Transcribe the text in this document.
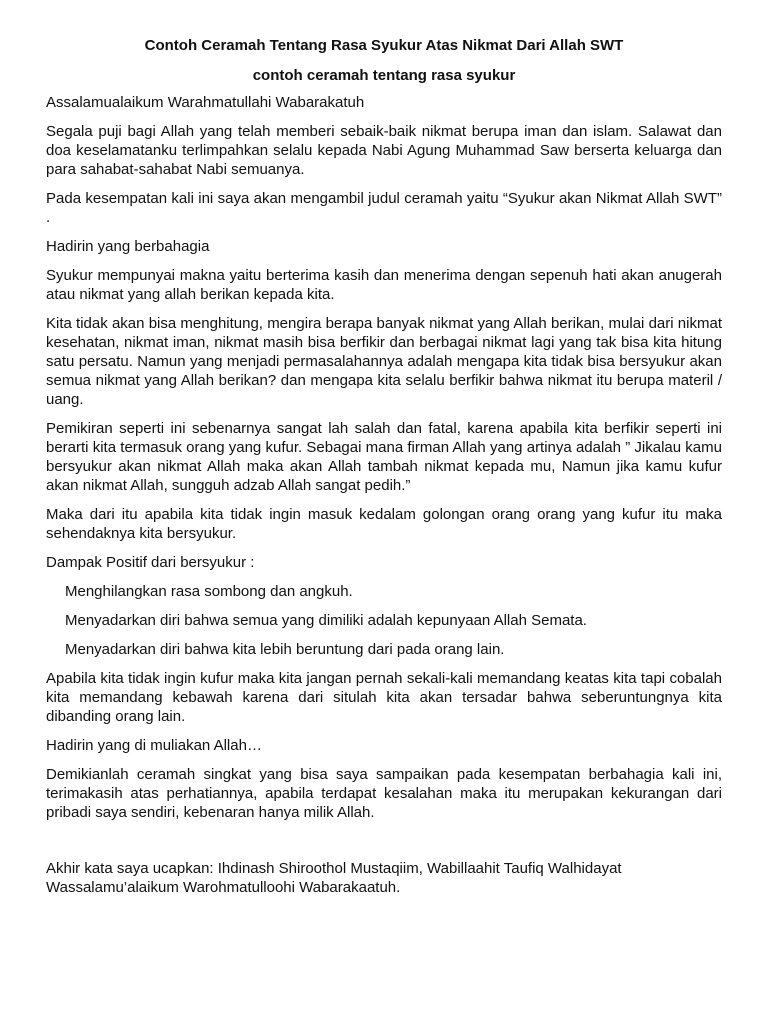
Contoh Ceramah Tentang Rasa Syukur Atas Nikmat Dari Allah SWT
contoh ceramah tentang rasa syukur

Assalamualaikum Warahmatullahi Wabarakatuh

Segala puji bagi Allah yang telah memberi sebaik-baik nikmat berupa iman dan islam. Salawat dan doa keselamatanku terlimpahkan selalu kepada Nabi Agung Muhammad Saw berserta keluarga dan para sahabat-sahabat Nabi semuanya.

Pada kesempatan kali ini saya akan mengambil judul ceramah yaitu “Syukur akan Nikmat Allah SWT” .

Hadirin yang berbahagia

Syukur mempunyai makna yaitu berterima kasih dan menerima dengan sepenuh hati akan anugerah atau nikmat yang allah berikan kepada kita.

Kita tidak akan bisa menghitung, mengira berapa banyak nikmat yang Allah berikan, mulai dari nikmat kesehatan, nikmat iman, nikmat masih bisa berfikir dan berbagai nikmat lagi yang tak bisa kita hitung satu persatu. Namun yang menjadi permasalahannya adalah mengapa kita tidak bisa bersyukur akan semua nikmat yang Allah berikan? dan mengapa kita selalu berfikir bahwa nikmat itu berupa materil / uang.

Pemikiran seperti ini sebenarnya sangat lah salah dan fatal, karena apabila kita berfikir seperti ini berarti kita termasuk orang yang kufur. Sebagai mana firman Allah yang artinya adalah ” Jikalau kamu bersyukur akan nikmat Allah maka akan Allah tambah nikmat kepada mu, Namun jika kamu kufur akan nikmat Allah, sungguh adzab Allah sangat pedih.”

Maka dari itu apabila kita tidak ingin masuk kedalam golongan orang orang yang kufur itu maka sehendaknya kita bersyukur.

Dampak Positif dari bersyukur :

Menghilangkan rasa sombong dan angkuh.
Menyadarkan diri bahwa semua yang dimiliki adalah kepunyaan Allah Semata.
Menyadarkan diri bahwa kita lebih beruntung dari pada orang lain.

Apabila kita tidak ingin kufur maka kita jangan pernah sekali-kali memandang keatas kita tapi cobalah kita memandang kebawah karena dari situlah kita akan tersadar bahwa seberuntungnya kita dibanding orang lain.

Hadirin yang di muliakan Allah…

Demikianlah ceramah singkat yang bisa saya sampaikan pada kesempatan berbahagia kali ini, terimakasih atas perhatiannya, apabila terdapat kesalahan maka itu merupakan kekurangan dari pribadi saya sendiri, kebenaran hanya milik Allah.

Akhir kata saya ucapkan: Ihdinash Shiroothol Mustaqiim, Wabillaahit Taufiq Walhidayat Wassalamu’alaikum Warohmatulloohi Wabarakaatuh.
